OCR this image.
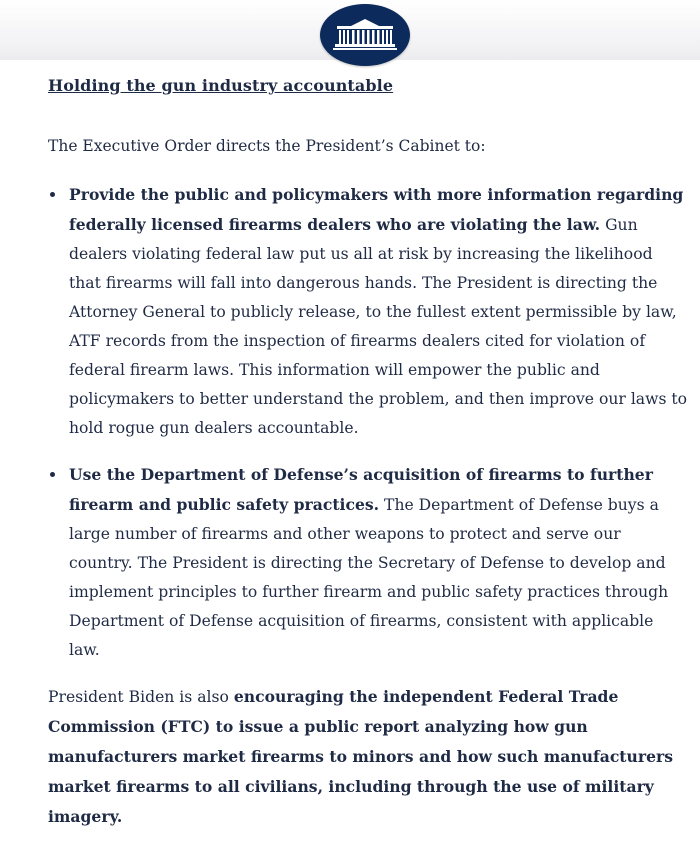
Holding the gun industry accountable

The Executive Order directs the President’s Cabinet to:

Provide the public and policymakers with more information regarding federally licensed firearms dealers who are violating the law. Gun dealers violating federal law put us all at risk by increasing the likelihood that firearms will fall into dangerous hands. The President is directing the Attorney General to publicly release, to the fullest extent permissible by law, ATF records from the inspection of firearms dealers cited for violation of federal firearm laws. This information will empower the public and policymakers to better understand the problem, and then improve our laws to hold rogue gun dealers accountable.
Use the Department of Defense’s acquisition of firearms to further firearm and public safety practices. The Department of Defense buys a large number of firearms and other weapons to protect and serve our country. The President is directing the Secretary of Defense to develop and implement principles to further firearm and public safety practices through Department of Defense acquisition of firearms, consistent with applicable law.

President Biden is also encouraging the independent Federal Trade Commission (FTC) to issue a public report analyzing how gun manufacturers market firearms to minors and how such manufacturers market firearms to all civilians, including through the use of military imagery.
